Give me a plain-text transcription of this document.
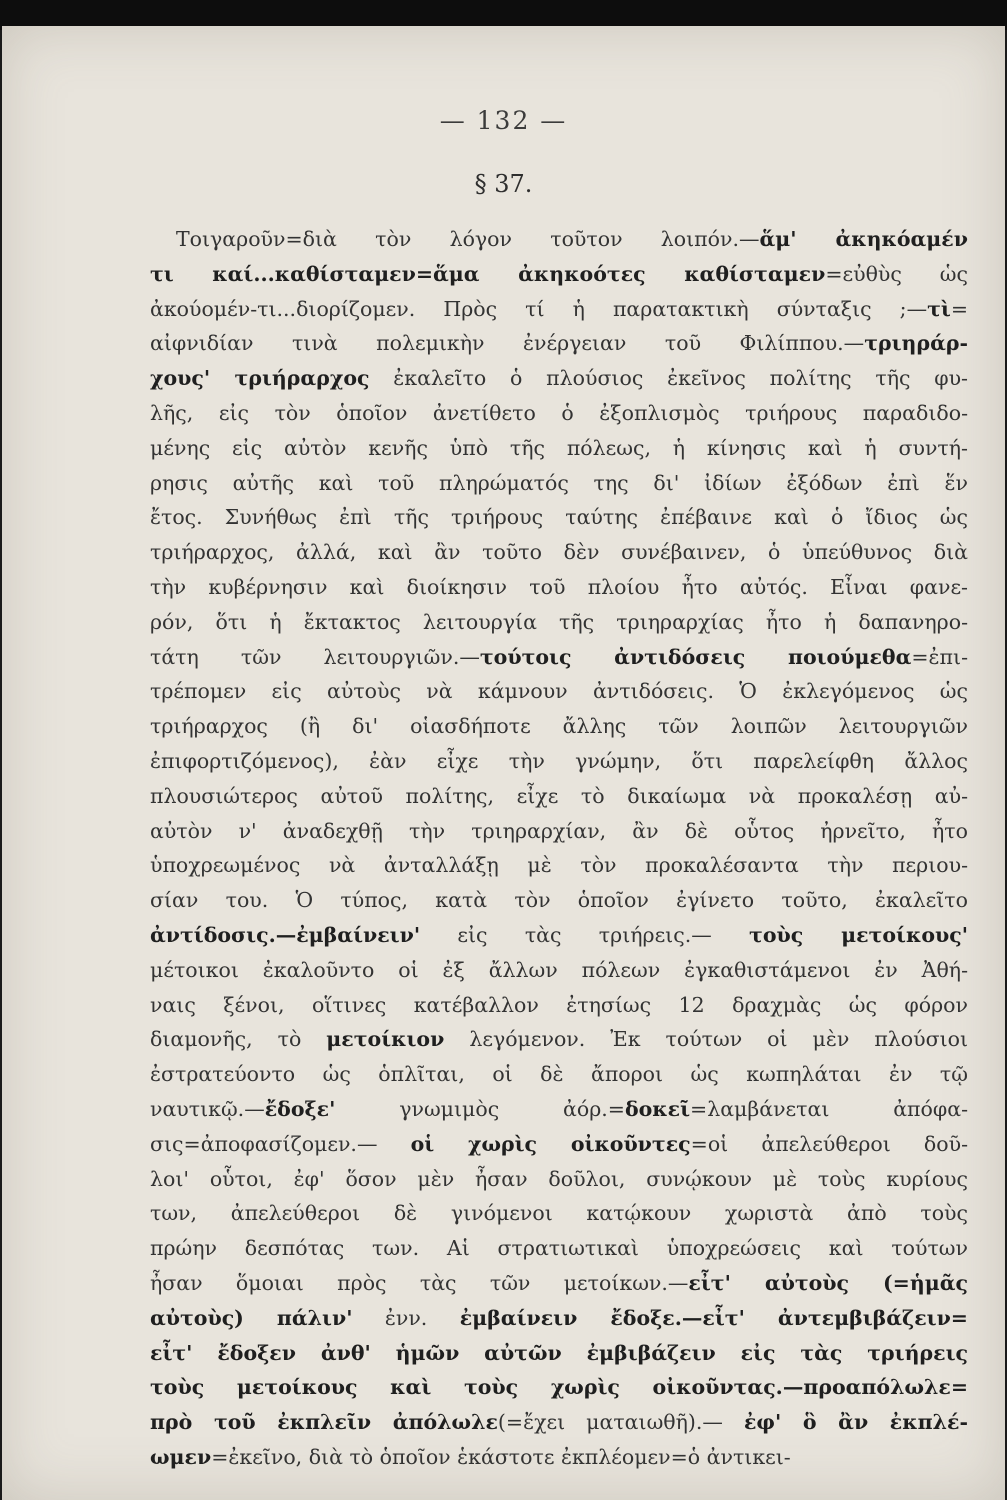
— 132 —
§ 37.
Τοιγαροῦν=διὰ τὸν λόγον τοῦτον λοιπόν.—ἅμ' ἀκηκόαμέν
τι καί...καθίσταμεν=ἅμα ἀκηκοότες καθίσταμεν=εὐθὺς ὡς
ἀκούομέν-τι...διορίζομεν. Πρὸς τί ἡ παρατακτικὴ σύνταξις ;—τὶ=
αἰφνιδίαν τινὰ πολεμικὴν ἐνέργειαν τοῦ Φιλίππου.—τριηράρ-
χους' τριήραρχος ἐκαλεῖτο ὁ πλούσιος ἐκεῖνος πολίτης τῆς φυ-
λῆς, εἰς τὸν ὁποῖον ἀνετίθετο ὁ ἐξοπλισμὸς τριήρους παραδιδο-
μένης εἰς αὐτὸν κενῆς ὑπὸ τῆς πόλεως, ἡ κίνησις καὶ ἡ συντή-
ρησις αὐτῆς καὶ τοῦ πληρώματός της δι' ἰδίων ἐξόδων ἐπὶ ἕν
ἔτος. Συνήθως ἐπὶ τῆς τριήρους ταύτης ἐπέβαινε καὶ ὁ ἴδιος ὡς
τριήραρχος, ἀλλά, καὶ ἂν τοῦτο δὲν συνέβαινεν, ὁ ὑπεύθυνος διὰ
τὴν κυβέρνησιν καὶ διοίκησιν τοῦ πλοίου ἦτο αὐτός. Εἶναι φανε-
ρόν, ὅτι ἡ ἔκτακτος λειτουργία τῆς τριηραρχίας ἦτο ἡ δαπανηρο-
τάτη τῶν λειτουργιῶν.—τούτοις ἀντιδόσεις ποιούμεθα=ἐπι-
τρέπομεν εἰς αὐτοὺς νὰ κάμνουν ἀντιδόσεις. Ὁ ἐκλεγόμενος ὡς
τριήραρχος (ἢ δι' οἱασδήποτε ἄλλης τῶν λοιπῶν λειτουργιῶν
ἐπιφορτιζόμενος), ἐὰν εἶχε τὴν γνώμην, ὅτι παρελείφθη ἄλλος
πλουσιώτερος αὐτοῦ πολίτης, εἶχε τὸ δικαίωμα νὰ προκαλέσῃ αὐ-
αὐτὸν ν' ἀναδεχθῇ τὴν τριηραρχίαν, ἂν δὲ οὗτος ἠρνεῖτο, ἦτο
ὑποχρεωμένος νὰ ἀνταλλάξῃ μὲ τὸν προκαλέσαντα τὴν περιου-
σίαν του. Ὁ τύπος, κατὰ τὸν ὁποῖον ἐγίνετο τοῦτο, ἐκαλεῖτο
ἀντίδοσις.—ἐμβαίνειν' εἰς τὰς τριήρεις.— τοὺς μετοίκους'
μέτοικοι ἐκαλοῦντο οἱ ἐξ ἄλλων πόλεων ἐγκαθιστάμενοι ἐν Ἀθή-
ναις ξένοι, οἵτινες κατέβαλλον ἐτησίως 12 δραχμὰς ὡς φόρον
διαμονῆς, τὸ μετοίκιον λεγόμενον. Ἐκ τούτων οἱ μὲν πλούσιοι
ἐστρατεύοντο ὡς ὁπλῖται, οἱ δὲ ἄποροι ὡς κωπηλάται ἐν τῷ
ναυτικῷ.—ἔδοξε' γνωμιμὸς ἀόρ.=δοκεῖ=λαμβάνεται ἀπόφα-
σις=ἀποφασίζομεν.— οἱ χωρὶς οἰκοῦντες=οἱ ἀπελεύθεροι δοῦ-
λοι' οὗτοι, ἐφ' ὅσον μὲν ἦσαν δοῦλοι, συνῴκουν μὲ τοὺς κυρίους
των, ἀπελεύθεροι δὲ γινόμενοι κατῴκουν χωριστὰ ἀπὸ τοὺς
πρώην δεσπότας των. Αἱ στρατιωτικαὶ ὑποχρεώσεις καὶ τούτων
ἦσαν ὅμοιαι πρὸς τὰς τῶν μετοίκων.—εἶτ' αὐτοὺς (=ἡμᾶς
αὐτοὺς) πάλιν' ἐνν. ἐμβαίνειν ἔδοξε.—εἶτ' ἀντεμβιβάζειν=
εἶτ' ἔδοξεν ἀνθ' ἡμῶν αὐτῶν ἐμβιβάζειν εἰς τὰς τριήρεις
τοὺς μετοίκους καὶ τοὺς χωρὶς οἰκοῦντας.—προαπόλωλε=
πρὸ τοῦ ἐκπλεῖν ἀπόλωλε(=ἔχει ματαιωθῆ).— ἐφ' ὃ ἂν ἐκπλέ-
ωμεν=ἐκεῖνο, διὰ τὸ ὁποῖον ἑκάστοτε ἐκπλέομεν=ὁ ἀντικει-
